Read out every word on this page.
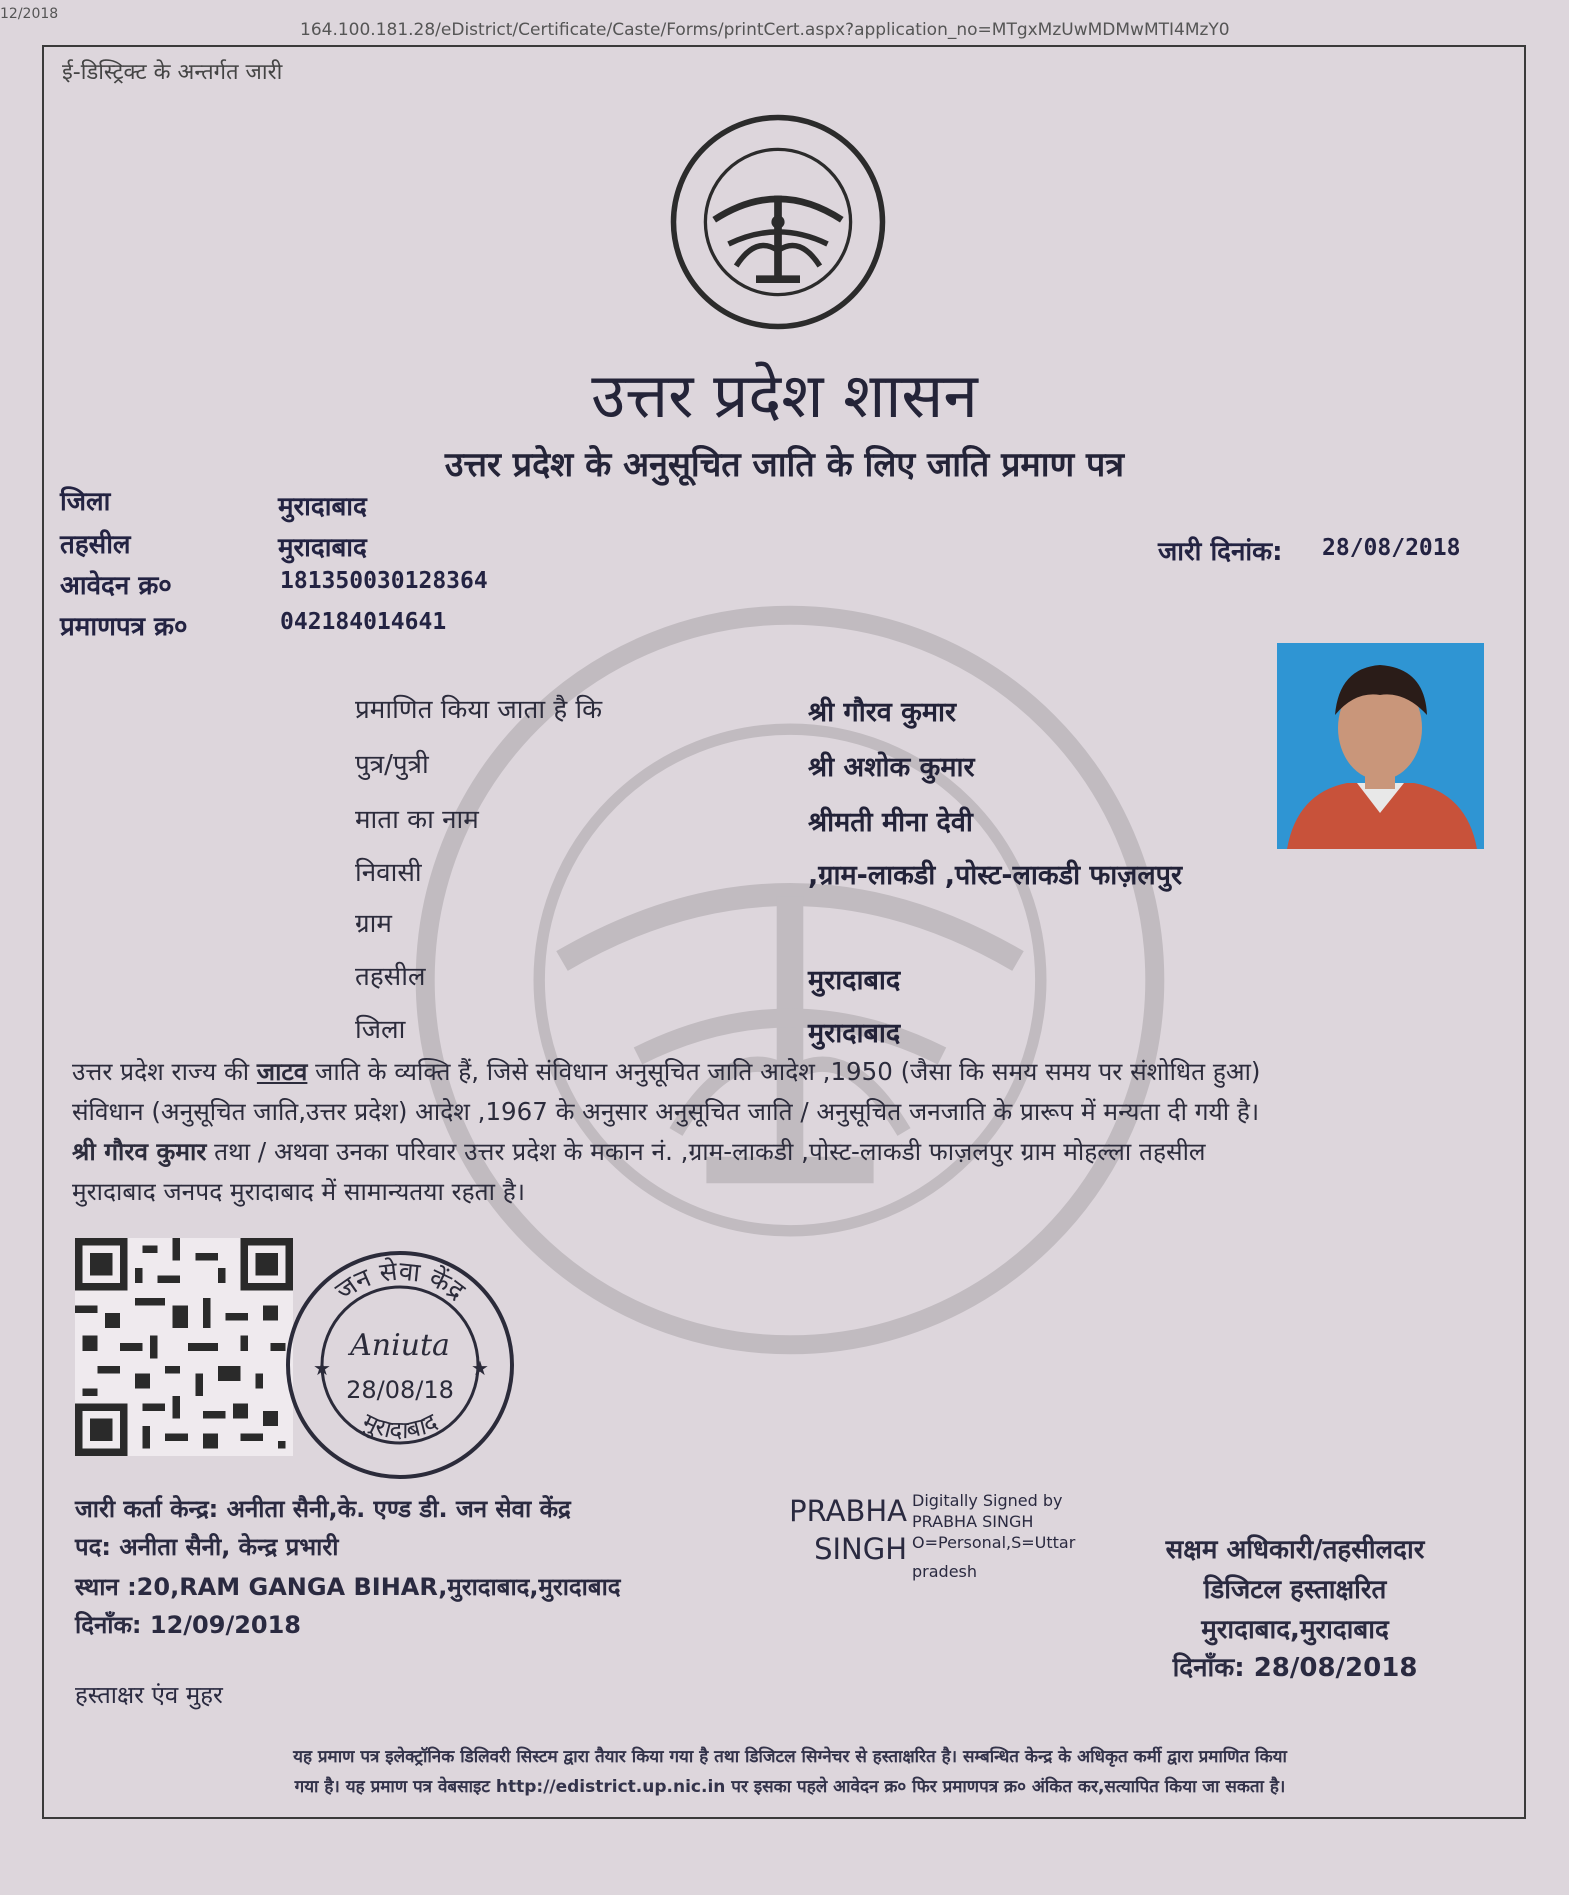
12/2018
164.100.181.28/eDistrict/Certificate/Caste/Forms/printCert.aspx?application_no=MTgxMzUwMDMwMTI4MzY0
ई-डिस्ट्रिक्ट के अन्तर्गत जारी
उत्तर प्रदेश शासन
उत्तर प्रदेश के अनुसूचित जाति के लिए जाति प्रमाण पत्र
जिला	मुरादाबाद
तहसील	मुरादाबाद
आवेदन क्र०	181350030128364
प्रमाणपत्र क्र०	042184014641
जारी दिनांक: 28/08/2018
प्रमाणित किया जाता है कि	श्री गौरव कुमार
पुत्र/पुत्री	श्री अशोक कुमार
माता का नाम	श्रीमती मीना देवी
निवासी	,ग्राम-लाकडी ,पोस्ट-लाकडी फाज़लपुर
ग्राम
तहसील	मुरादाबाद
जिला	मुरादाबाद
उत्तर प्रदेश राज्य की जाटव जाति के व्यक्ति हैं, जिसे संविधान अनुसूचित जाति आदेश ,1950 (जैसा कि समय समय पर संशोधित हुआ)
संविधान (अनुसूचित जाति,उत्तर प्रदेश) आदेश ,1967 के अनुसार अनुसूचित जाति / अनुसूचित जनजाति के प्रारूप में मन्यता दी गयी है।
श्री गौरव कुमार तथा / अथवा उनका परिवार उत्तर प्रदेश के मकान नं. ,ग्राम-लाकडी ,पोस्ट-लाकडी फाज़लपुर ग्राम मोहल्ला तहसील
मुरादाबाद जनपद मुरादाबाद में सामान्यतया रहता है।
जन सेवा केंद्र
मुरादाबाद
Aniuta
28/08/18
★	★
जारी कर्ता केन्द्र: अनीता सैनी,के. एण्ड डी. जन सेवा केंद्र
पद: अनीता सैनी, केन्द्र प्रभारी
स्थान :20,RAM GANGA BIHAR,मुरादाबाद,मुरादाबाद
दिनाँक: 12/09/2018
हस्ताक्षर एंव मुहर
PRABHA
SINGH
Digitally Signed by
PRABHA SINGH
O=Personal,S=Uttar
pradesh
सक्षम अधिकारी/तहसीलदार
डिजिटल हस्ताक्षरित
मुरादाबाद,मुरादाबाद
दिनाँक: 28/08/2018
यह प्रमाण पत्र इलेक्ट्रॉनिक डिलिवरी सिस्टम द्वारा तैयार किया गया है तथा डिजिटल सिग्नेचर से हस्ताक्षरित है। सम्बन्धित केन्द्र के अधिकृत कर्मी द्वारा प्रमाणित किया
गया है। यह प्रमाण पत्र वेबसाइट http://edistrict.up.nic.in पर इसका पहले आवेदन क्र० फिर प्रमाणपत्र क्र० अंकित कर,सत्यापित किया जा सकता है।
